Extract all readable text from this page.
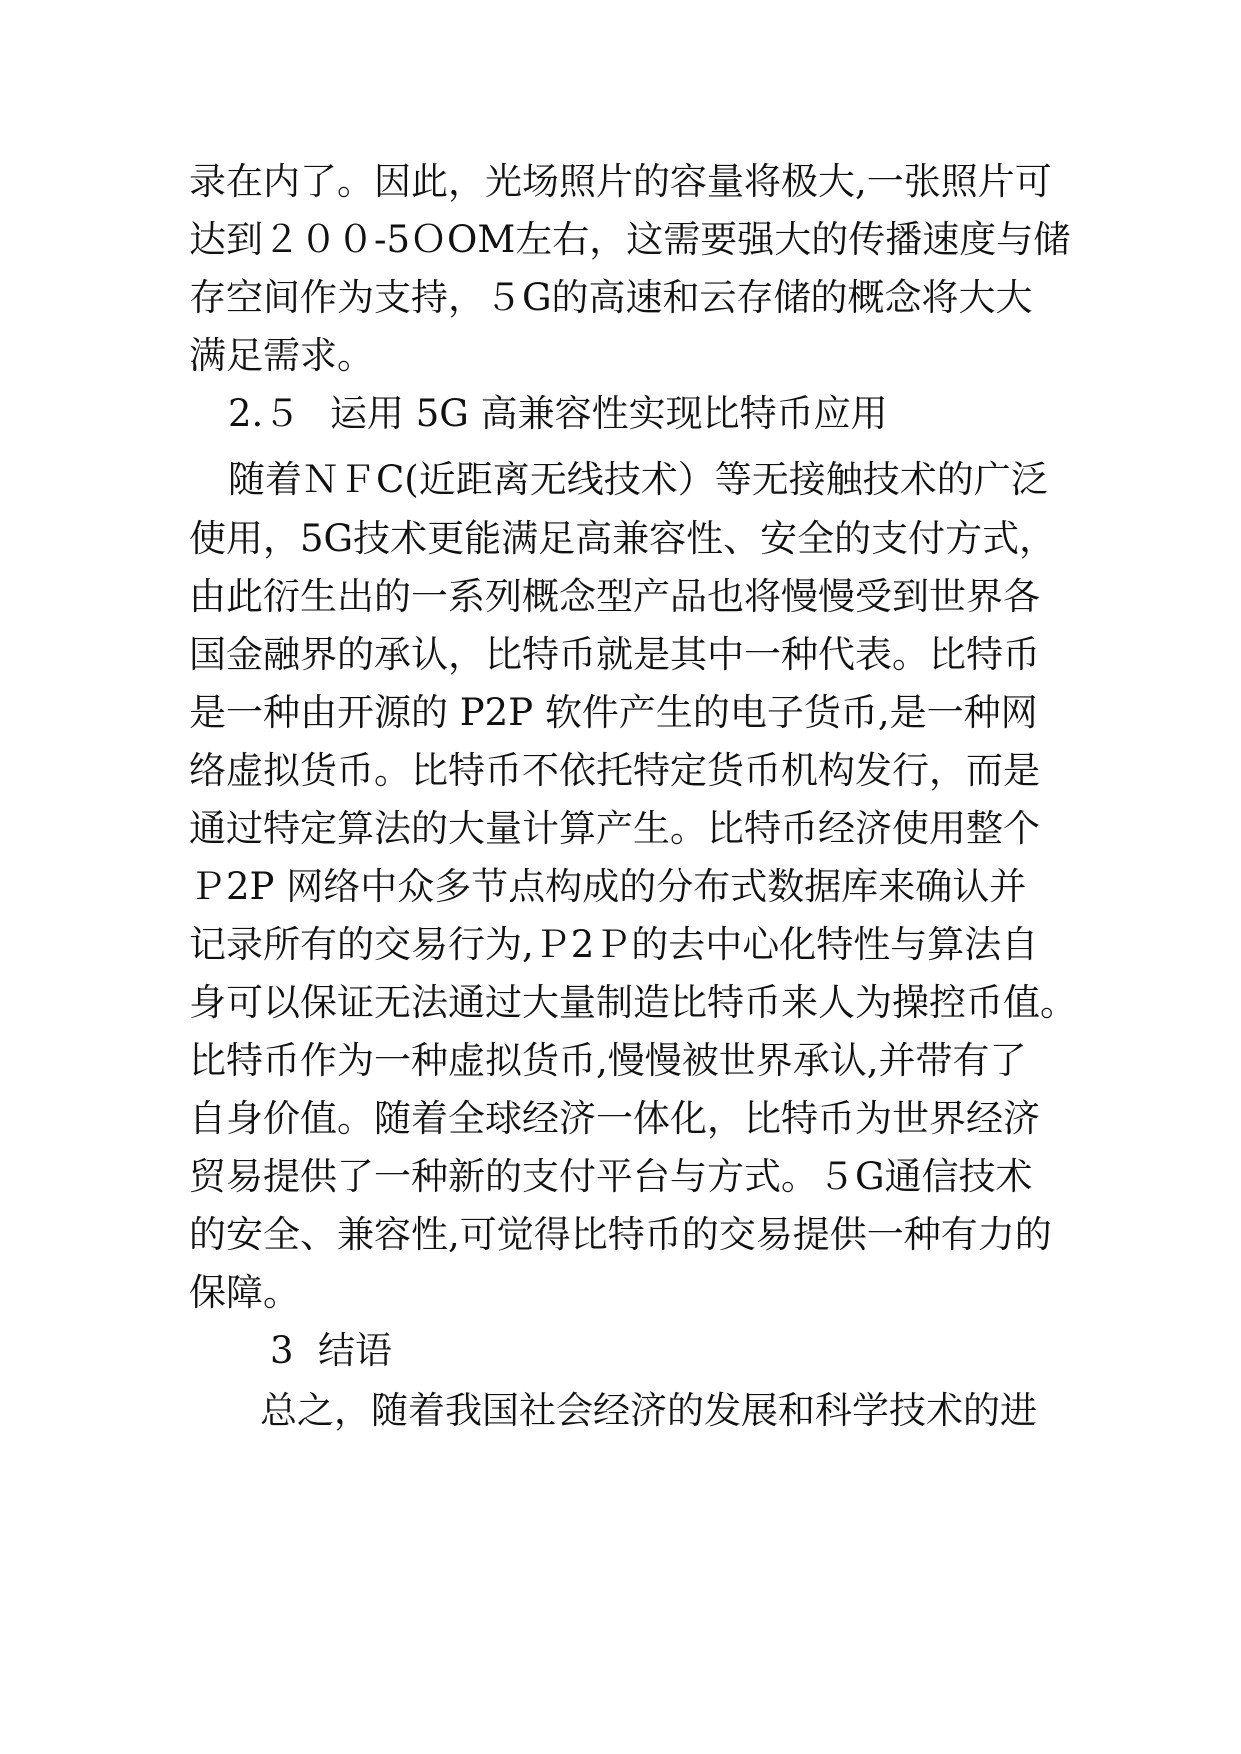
录在内了。因此，光场照片的容量将极大,一张照片可
达到２００-5ＯOM左右，这需要强大的传播速度与储
存空间作为支持，５G的高速和云存储的概念将大大
满足需求。
2.５ 运用 5G 高兼容性实现比特币应用
随着ＮＦC(近距离无线技术）等无接触技术的广泛
使用，5G技术更能满足高兼容性、安全的支付方式，
由此衍生出的一系列概念型产品也将慢慢受到世界各
国金融界的承认，比特币就是其中一种代表。比特币
是一种由开源的 P2P 软件产生的电子货币,是一种网
络虚拟货币。比特币不依托特定货币机构发行，而是
通过特定算法的大量计算产生。比特币经济使用整个
Ｐ2P 网络中众多节点构成的分布式数据库来确认并
记录所有的交易行为,Ｐ2Ｐ的去中心化特性与算法自
身可以保证无法通过大量制造比特币来人为操控币值。
比特币作为一种虚拟货币,慢慢被世界承认,并带有了
自身价值。随着全球经济一体化，比特币为世界经济
贸易提供了一种新的支付平台与方式。５G通信技术
的安全、兼容性,可觉得比特币的交易提供一种有力的
保障。
3 结语
总之，随着我国社会经济的发展和科学技术的进
